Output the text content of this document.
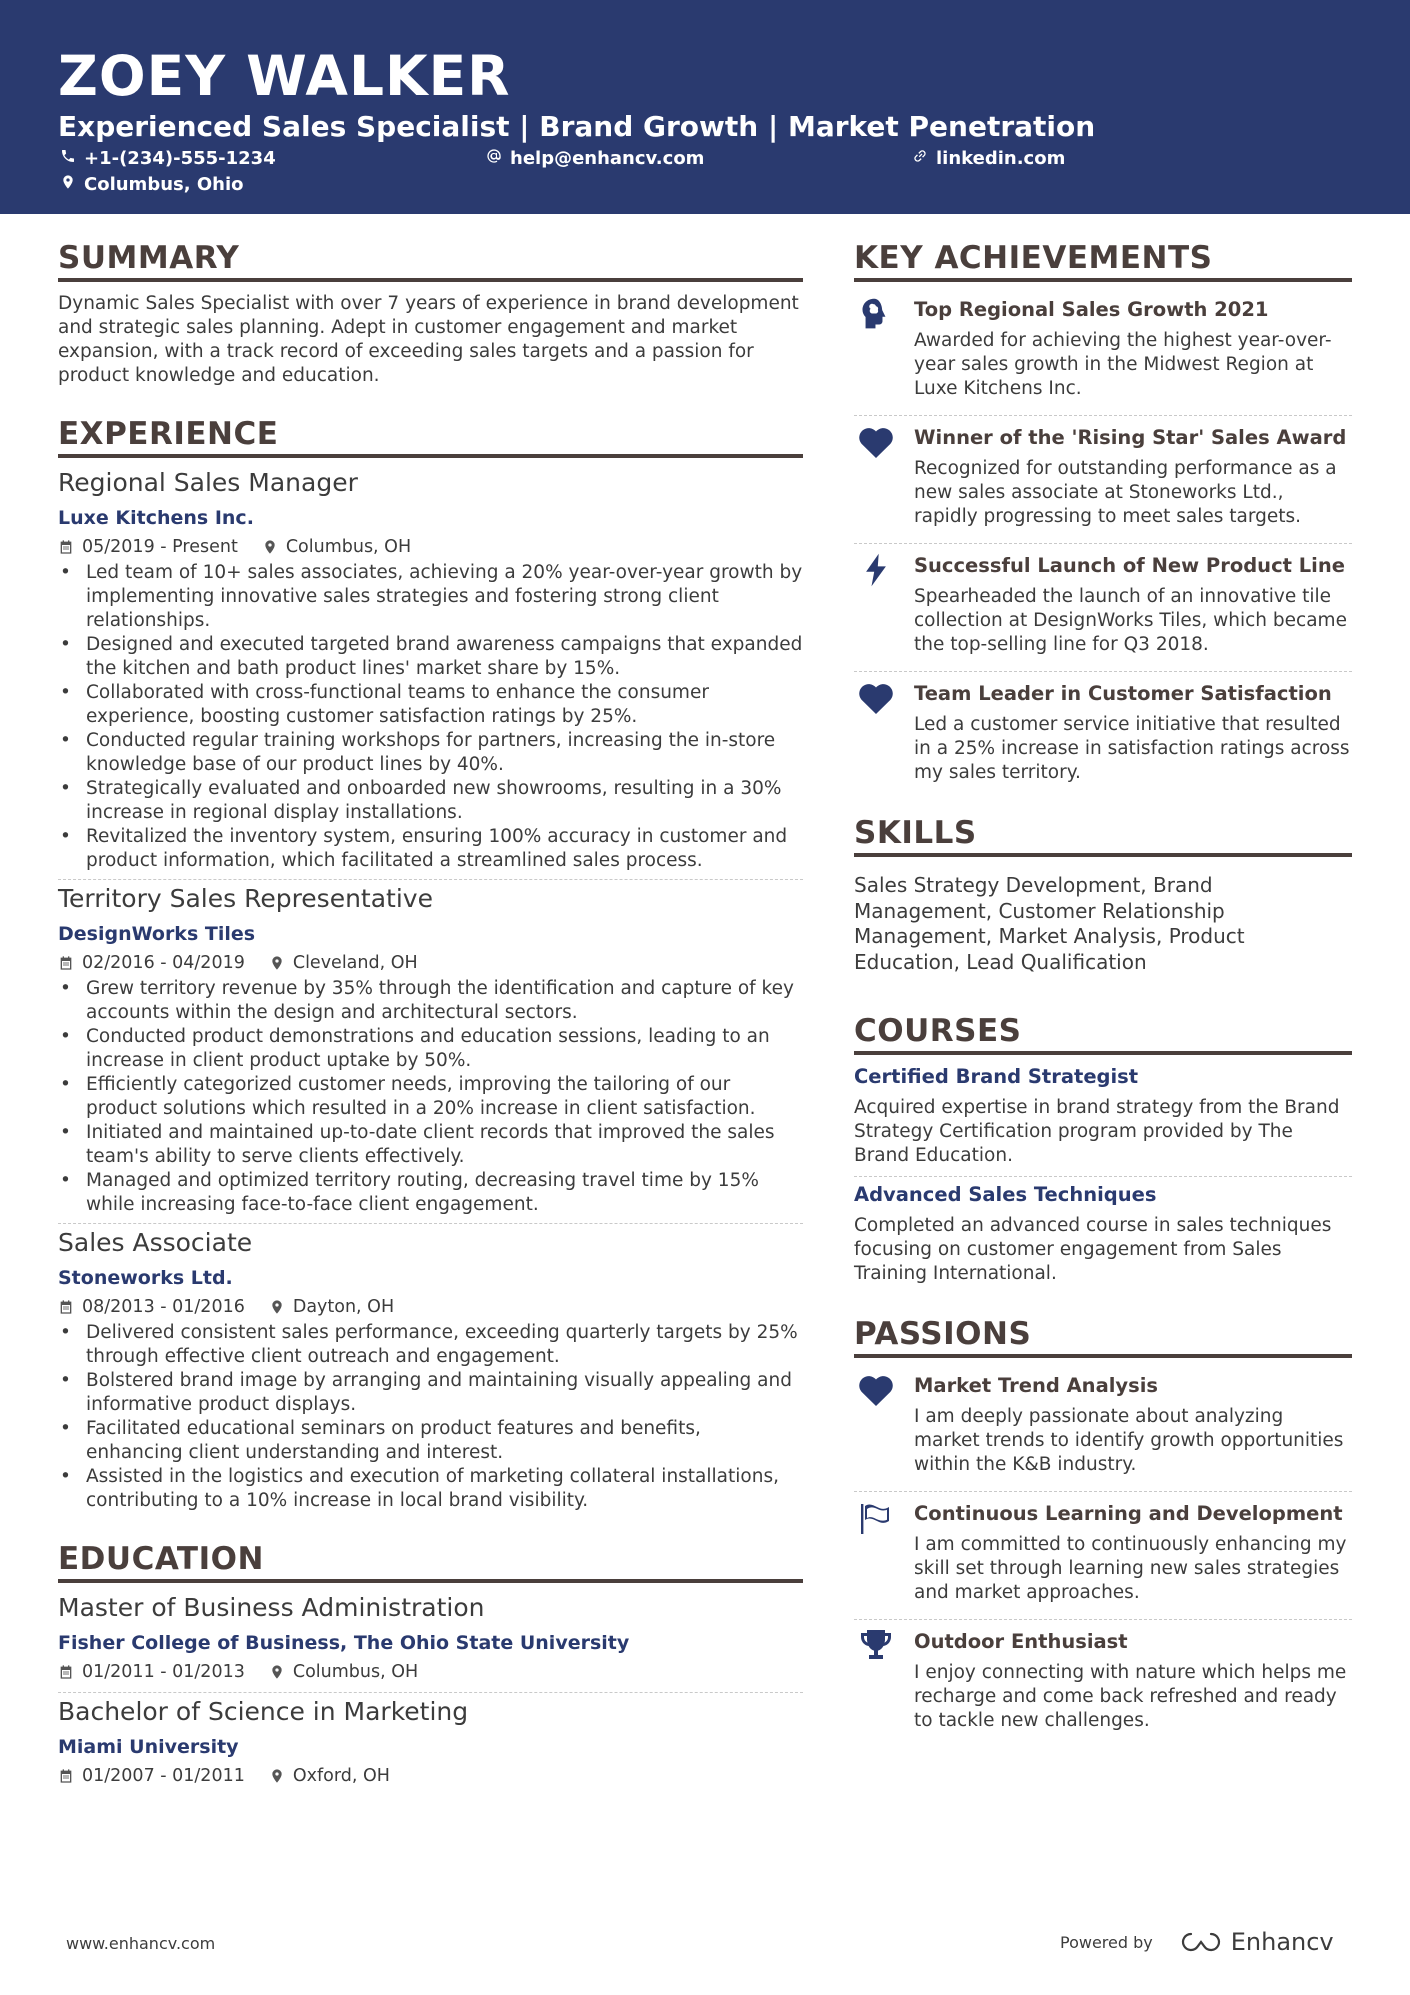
ZOEY WALKER
Experienced Sales Specialist | Brand Growth | Market Penetration
+1-(234)-555-1234	help@enhancv.com	linkedin.com
Columbus, Ohio
SUMMARY
Dynamic Sales Specialist with over 7 years of experience in brand development and strategic sales planning. Adept in customer engagement and market expansion, with a track record of exceeding sales targets and a passion for product knowledge and education.
EXPERIENCE
Regional Sales Manager
Luxe Kitchens Inc.
05/2019 - Present	Columbus, OH
• Led team of 10+ sales associates, achieving a 20% year-over-year growth by implementing innovative sales strategies and fostering strong client relationships.
• Designed and executed targeted brand awareness campaigns that expanded the kitchen and bath product lines' market share by 15%.
• Collaborated with cross-functional teams to enhance the consumer experience, boosting customer satisfaction ratings by 25%.
• Conducted regular training workshops for partners, increasing the in-store knowledge base of our product lines by 40%.
• Strategically evaluated and onboarded new showrooms, resulting in a 30% increase in regional display installations.
• Revitalized the inventory system, ensuring 100% accuracy in customer and product information, which facilitated a streamlined sales process.
Territory Sales Representative
DesignWorks Tiles
02/2016 - 04/2019	Cleveland, OH
• Grew territory revenue by 35% through the identification and capture of key accounts within the design and architectural sectors.
• Conducted product demonstrations and education sessions, leading to an increase in client product uptake by 50%.
• Efficiently categorized customer needs, improving the tailoring of our product solutions which resulted in a 20% increase in client satisfaction.
• Initiated and maintained up-to-date client records that improved the sales team's ability to serve clients effectively.
• Managed and optimized territory routing, decreasing travel time by 15% while increasing face-to-face client engagement.
Sales Associate
Stoneworks Ltd.
08/2013 - 01/2016	Dayton, OH
• Delivered consistent sales performance, exceeding quarterly targets by 25% through effective client outreach and engagement.
• Bolstered brand image by arranging and maintaining visually appealing and informative product displays.
• Facilitated educational seminars on product features and benefits, enhancing client understanding and interest.
• Assisted in the logistics and execution of marketing collateral installations, contributing to a 10% increase in local brand visibility.
EDUCATION
Master of Business Administration
Fisher College of Business, The Ohio State University
01/2011 - 01/2013	Columbus, OH
Bachelor of Science in Marketing
Miami University
01/2007 - 01/2011	Oxford, OH
KEY ACHIEVEMENTS
Top Regional Sales Growth 2021
Awarded for achieving the highest year-over-year sales growth in the Midwest Region at Luxe Kitchens Inc.
Winner of the 'Rising Star' Sales Award
Recognized for outstanding performance as a new sales associate at Stoneworks Ltd., rapidly progressing to meet sales targets.
Successful Launch of New Product Line
Spearheaded the launch of an innovative tile collection at DesignWorks Tiles, which became the top-selling line for Q3 2018.
Team Leader in Customer Satisfaction
Led a customer service initiative that resulted in a 25% increase in satisfaction ratings across my sales territory.
SKILLS
Sales Strategy Development, Brand Management, Customer Relationship Management, Market Analysis, Product Education, Lead Qualification
COURSES
Certified Brand Strategist
Acquired expertise in brand strategy from the Brand Strategy Certification program provided by The Brand Education.
Advanced Sales Techniques
Completed an advanced course in sales techniques focusing on customer engagement from Sales Training International.
PASSIONS
Market Trend Analysis
I am deeply passionate about analyzing market trends to identify growth opportunities within the K&B industry.
Continuous Learning and Development
I am committed to continuously enhancing my skill set through learning new sales strategies and market approaches.
Outdoor Enthusiast
I enjoy connecting with nature which helps me recharge and come back refreshed and ready to tackle new challenges.
www.enhancv.com	Powered by	Enhancv
